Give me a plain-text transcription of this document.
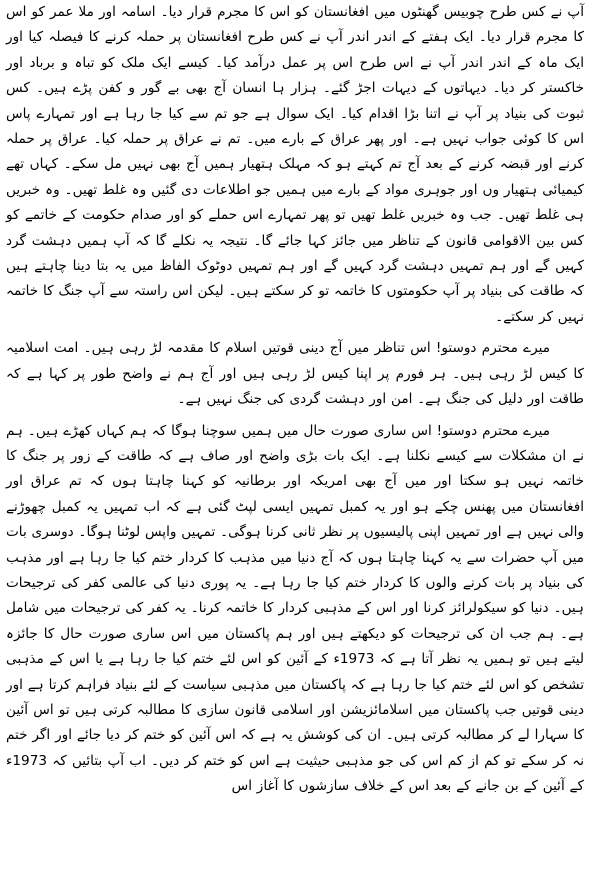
آپ نے کس طرح چوبیس گھنٹوں میں افغانستان کو اس کا مجرم قرار دیا۔ اسامہ اور ملا عمر کو اس کا مجرم قرار دیا۔ ایک ہفتے کے اندر اندر آپ نے کس طرح افغانستان پر حملہ کرنے کا فیصلہ کیا اور ایک ماہ کے اندر اندر آپ نے اس طرح اس پر عمل درآمد کیا۔ کیسے ایک ملک کو تباہ و برباد اور خاکستر کر دیا۔ دیہاتوں کے دیہات اجڑ گئے۔ ہزار ہا انسان آج بھی بے گور و کفن پڑے ہیں۔ کس ثبوت کی بنیاد پر آپ نے اتنا بڑا اقدام کیا۔ ایک سوال ہے جو تم سے کیا جا رہا ہے اور تمہارے پاس اس کا کوئی جواب نہیں ہے۔ اور پھر عراق کے بارے میں۔ تم نے عراق پر حملہ کیا۔ عراق پر حملہ کرنے اور قبضہ کرنے کے بعد آج تم کہتے ہو کہ مہلک ہتھیار ہمیں آج بھی نہیں مل سکے۔ کہاں تھے کیمیائی ہتھیار وں اور جوہری مواد کے بارے میں ہمیں جو اطلاعات دی گئیں وہ غلط تھیں۔ وہ خبریں ہی غلط تھیں۔ جب وہ خبریں غلط تھیں تو پھر تمہارے اس حملے کو اور صدام حکومت کے خاتمے کو کس بین الاقوامی قانون کے تناظر میں جائز کہا جائے گا۔ نتیجہ یہ نکلے گا کہ آپ ہمیں دہشت گرد کہیں گے اور ہم تمہیں دہشت گرد کہیں گے اور ہم تمہیں دوٹوک الفاظ میں یہ بتا دینا چاہتے ہیں کہ طاقت کی بنیاد پر آپ حکومتوں کا خاتمہ تو کر سکتے ہیں۔ لیکن اس راستہ سے آپ جنگ کا خاتمہ نہیں کر سکتے۔

میرے محترم دوستو! اس تناظر میں آج دینی قوتیں اسلام کا مقدمہ لڑ رہی ہیں۔ امت اسلامیہ کا کیس لڑ رہی ہیں۔ ہر فورم پر اپنا کیس لڑ رہی ہیں اور آج ہم نے واضح طور پر کہا ہے کہ طاقت اور دلیل کی جنگ ہے۔ امن اور دہشت گردی کی جنگ نہیں ہے۔

میرے محترم دوستو! اس ساری صورت حال میں ہمیں سوچنا ہوگا کہ ہم کہاں کھڑے ہیں۔ ہم نے ان مشکلات سے کیسے نکلنا ہے۔ ایک بات بڑی واضح اور صاف ہے کہ طاقت کے زور پر جنگ کا خاتمہ نہیں ہو سکتا اور میں آج بھی امریکہ اور برطانیہ کو کہنا چاہتا ہوں کہ تم عراق اور افغانستان میں پھنس چکے ہو اور یہ کمبل تمہیں ایسی لپٹ گئی ہے کہ اب تمہیں یہ کمبل چھوڑنے والی نہیں ہے اور تمہیں اپنی پالیسیوں پر نظر ثانی کرنا ہوگی۔ تمہیں واپس لوٹنا ہوگا۔ دوسری بات میں آپ حضرات سے یہ کہنا چاہتا ہوں کہ آج دنیا میں مذہب کا کردار ختم کیا جا رہا ہے اور مذہب کی بنیاد پر بات کرنے والوں کا کردار ختم کیا جا رہا ہے۔ یہ پوری دنیا کی عالمی کفر کی ترجیحات ہیں۔ دنیا کو سیکولرائز کرنا اور اس کے مذہبی کردار کا خاتمہ کرنا۔ یہ کفر کی ترجیحات میں شامل ہے۔ ہم جب ان کی ترجیحات کو دیکھتے ہیں اور ہم پاکستان میں اس ساری صورت حال کا جائزہ لیتے ہیں تو ہمیں یہ نظر آتا ہے کہ 1973ء کے آئین کو اس لئے ختم کیا جا رہا ہے یا اس کے مذہبی تشخص کو اس لئے ختم کیا جا رہا ہے کہ پاکستان میں مذہبی سیاست کے لئے بنیاد فراہم کرتا ہے اور دینی قوتیں جب پاکستان میں اسلامائزیشن اور اسلامی قانون سازی کا مطالبہ کرتی ہیں تو اس آئین کا سہارا لے کر مطالبہ کرتی ہیں۔ ان کی کوشش یہ ہے کہ اس آئین کو ختم کر دیا جائے اور اگر ختم نہ کر سکے تو کم از کم اس کی جو مذہبی حیثیت ہے اس کو ختم کر دیں۔ اب آپ بتائیں کہ 1973ء کے آئین کے بن جانے کے بعد اس کے خلاف سازشوں کا آغاز اس
